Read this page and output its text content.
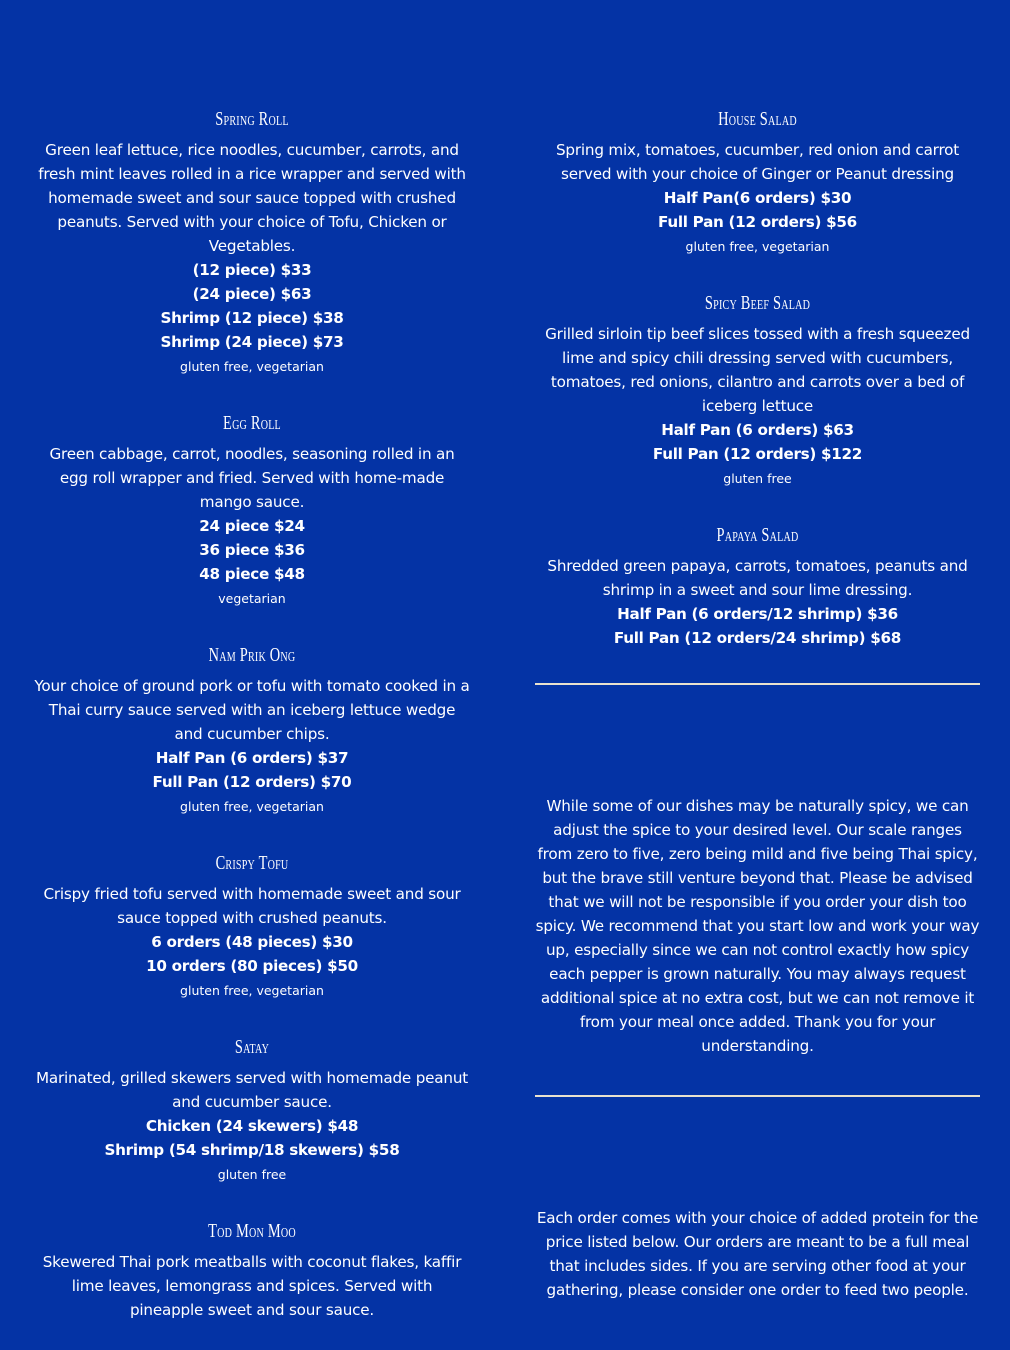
Spring Roll
Green leaf lettuce, rice noodles, cucumber, carrots, and fresh mint leaves rolled in a rice wrapper and served with homemade sweet and sour sauce topped with crushed peanuts. Served with your choice of Tofu, Chicken or Vegetables.
(12 piece) $33
(24 piece) $63
Shrimp (12 piece) $38
Shrimp (24 piece) $73
gluten free, vegetarian
Egg Roll
Green cabbage, carrot, noodles, seasoning rolled in an egg roll wrapper and fried. Served with home-made mango sauce.
24 piece $24
36 piece $36
48 piece $48
vegetarian
Nam Prik Ong
Your choice of ground pork or tofu with tomato cooked in a Thai curry sauce served with an iceberg lettuce wedge and cucumber chips.
Half Pan (6 orders) $37
Full Pan (12 orders) $70
gluten free, vegetarian
Crispy Tofu
Crispy fried tofu served with homemade sweet and sour sauce topped with crushed peanuts.
6 orders (48 pieces) $30
10 orders (80 pieces) $50
gluten free, vegetarian
Satay
Marinated, grilled skewers served with homemade peanut and cucumber sauce.
Chicken (24 skewers) $48
Shrimp (54 shrimp/18 skewers) $58
gluten free
Tod Mon Moo
Skewered Thai pork meatballs with coconut flakes, kaffir lime leaves, lemongrass and spices. Served with pineapple sweet and sour sauce.
House Salad
Spring mix, tomatoes, cucumber, red onion and carrot served with your choice of Ginger or Peanut dressing
Half Pan(6 orders) $30
Full Pan (12 orders) $56
gluten free, vegetarian
Spicy Beef Salad
Grilled sirloin tip beef slices tossed with a fresh squeezed lime and spicy chili dressing served with cucumbers, tomatoes, red onions, cilantro and carrots over a bed of iceberg lettuce
Half Pan (6 orders) $63
Full Pan (12 orders) $122
gluten free
Papaya Salad
Shredded green papaya, carrots, tomatoes, peanuts and shrimp in a sweet and sour lime dressing.
Half Pan (6 orders/12 shrimp) $36
Full Pan (12 orders/24 shrimp) $68
While some of our dishes may be naturally spicy, we can adjust the spice to your desired level. Our scale ranges from zero to five, zero being mild and five being Thai spicy, but the brave still venture beyond that. Please be advised that we will not be responsible if you order your dish too spicy. We recommend that you start low and work your way up, especially since we can not control exactly how spicy each pepper is grown naturally. You may always request additional spice at no extra cost, but we can not remove it from your meal once added. Thank you for your understanding.
Each order comes with your choice of added protein for the price listed below. Our orders are meant to be a full meal that includes sides. If you are serving other food at your gathering, please consider one order to feed two people.
